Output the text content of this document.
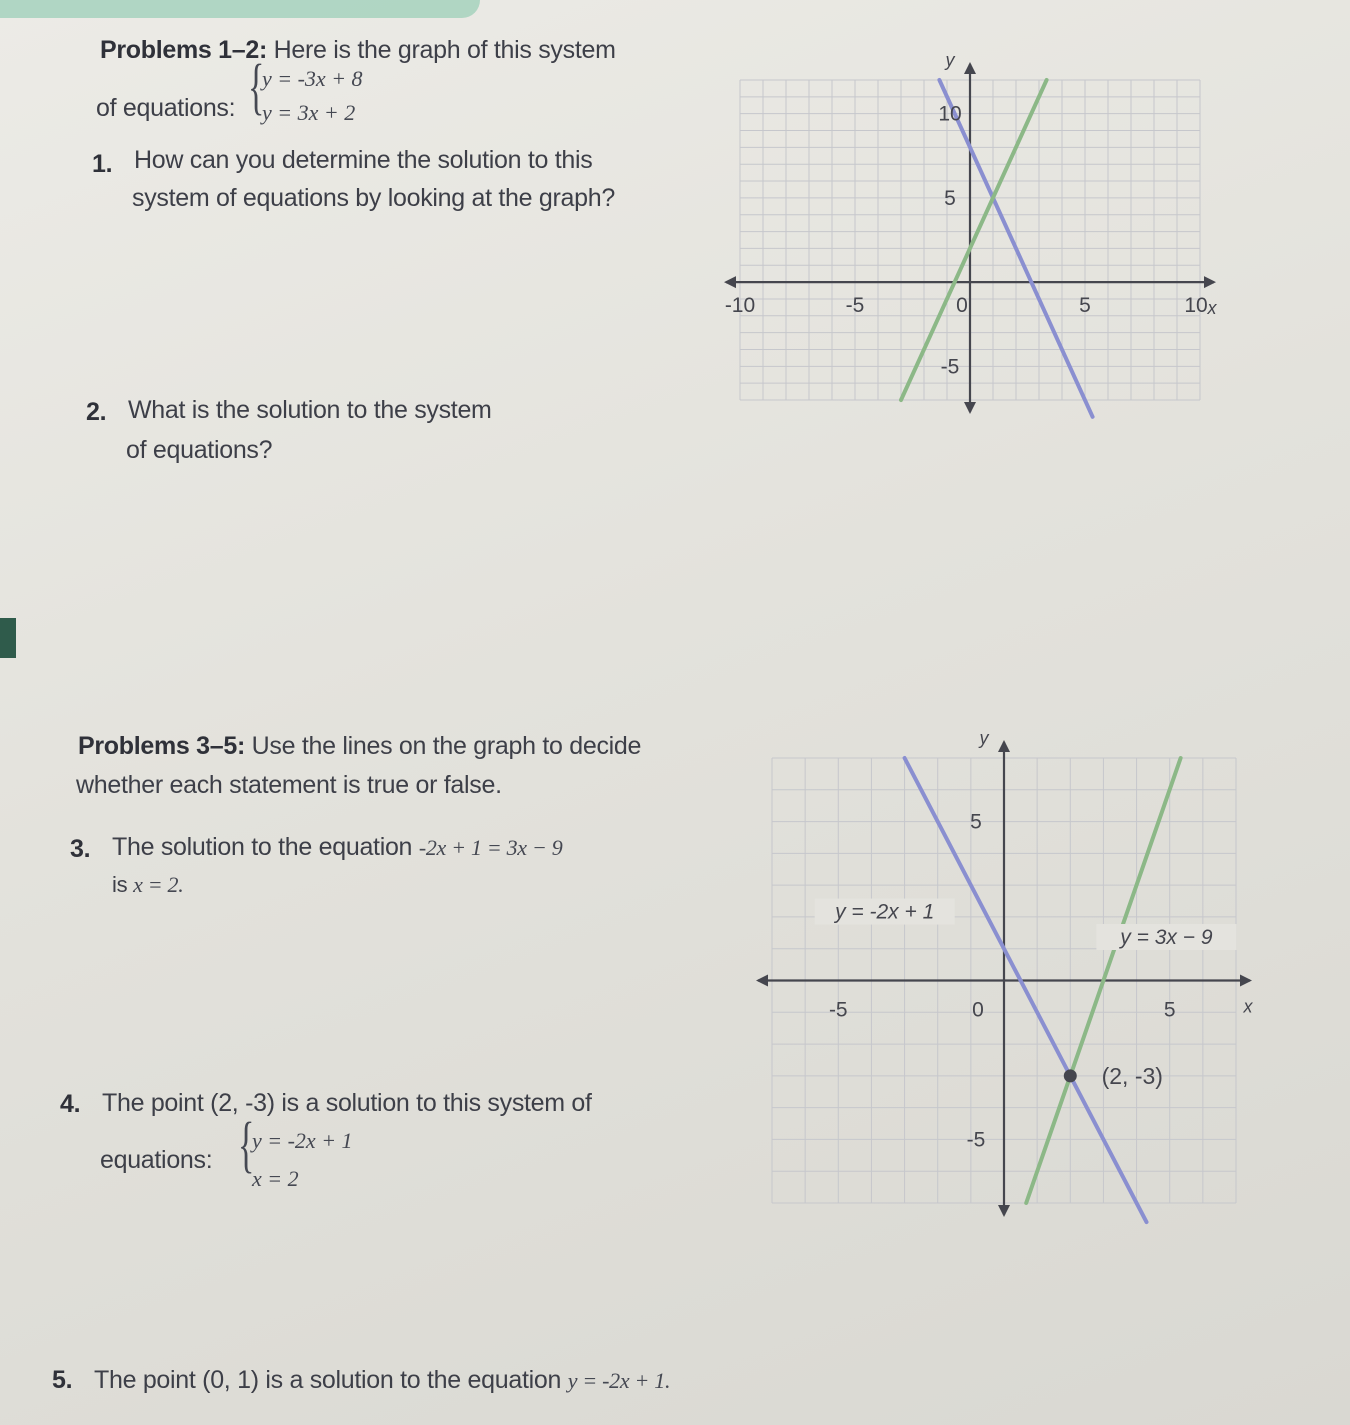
Problems 1–2: Here is the graph of this system
of equations: {
y = -3x + 8
y = 3x + 2
1. How can you determine the solution to this
system of equations by looking at the graph?
2. What is the solution to the system
of equations?
y
x
-10	-5	0	5	10
10
5
-5
Problems 3–5: Use the lines on the graph to decide
whether each statement is true or false.
3. The solution to the equation -2x + 1 = 3x − 9
is x = 2.
4. The point (2, -3) is a solution to this system of
equations: {
y = -2x + 1
x = 2
y
x
-5	0	5
5
-5
y = -2x + 1
y = 3x − 9
(2, -3)
5. The point (0, 1) is a solution to the equation y = -2x + 1.
